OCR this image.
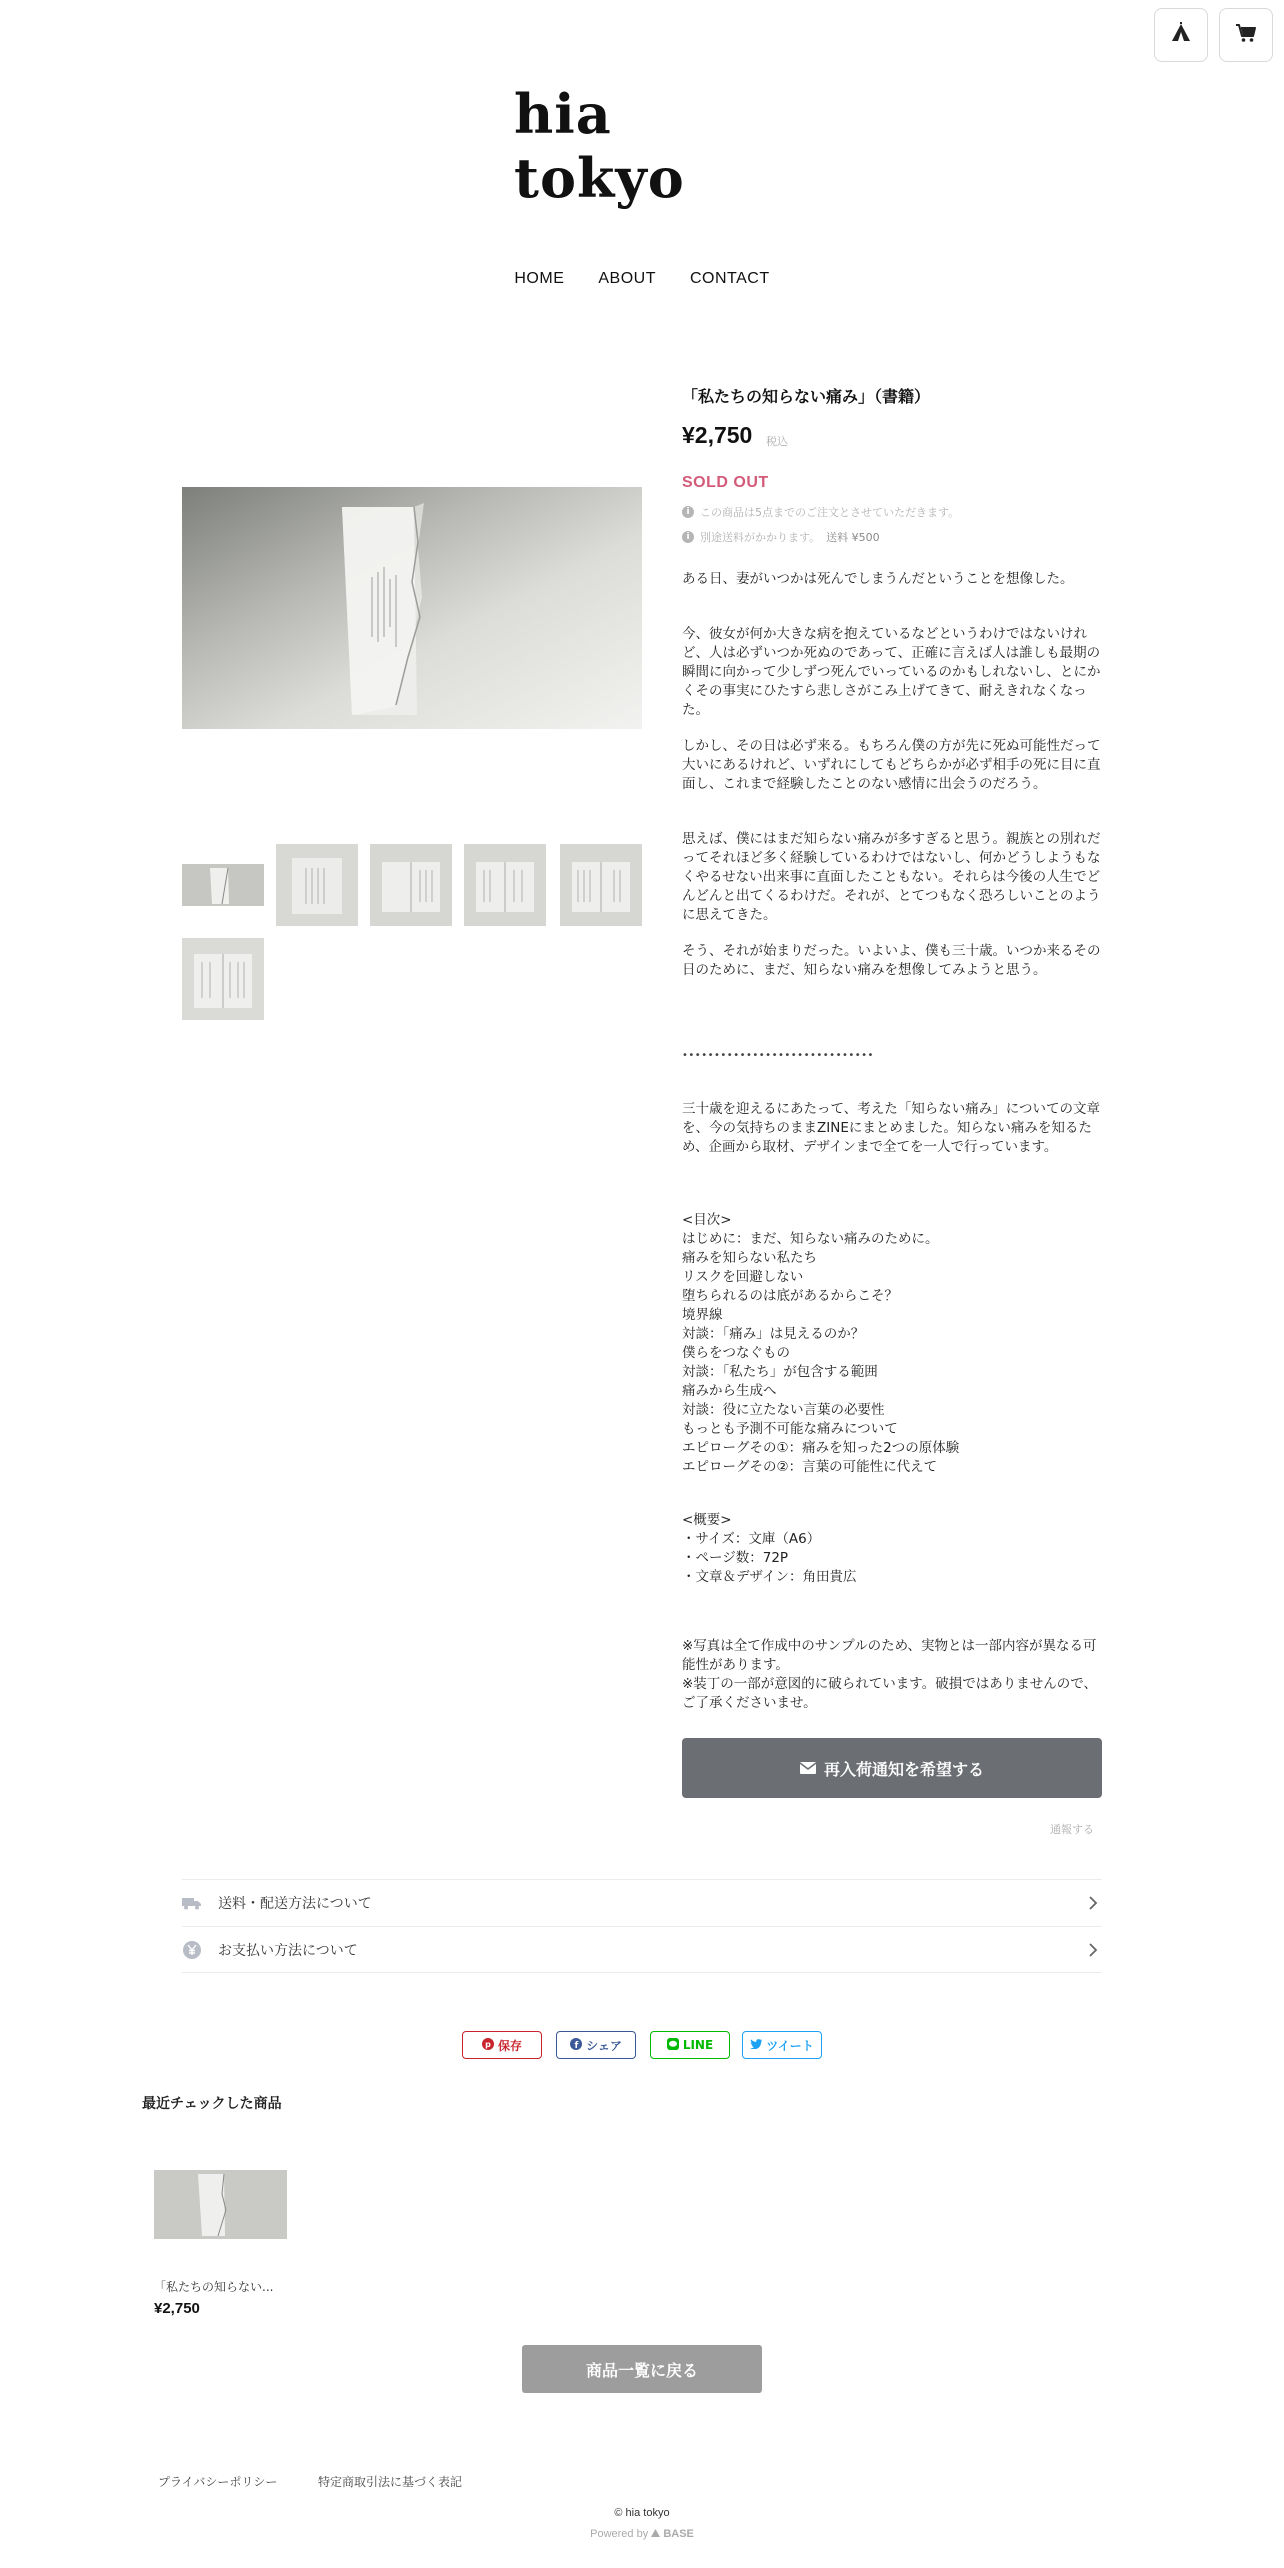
hia
tokyo
HOME ABOUT CONTACT
「私たちの知らない痛み」（書籍）
¥2,750 税込
SOLD OUT
i この商品は5点までのご注文とさせていただきます。
i 別途送料がかかります。 送料 ¥500
ある日、妻がいつかは死んでしまうんだということを想像した。
今、彼女が何か大きな病を抱えているなどというわけではないけれど、人は必ずいつか死ぬのであって、正確に言えば人は誰しも最期の瞬間に向かって少しずつ死んでいっているのかもしれないし、とにかくその事実にひたすら悲しさがこみ上げてきて、耐えきれなくなった。
しかし、その日は必ず来る。もちろん僕の方が先に死ぬ可能性だって大いにあるけれど、いずれにしてもどちらかが必ず相手の死に目に直面し、これまで経験したことのない感情に出会うのだろう。
思えば、僕にはまだ知らない痛みが多すぎると思う。親族との別れだってそれほど多く経験しているわけではないし、何かどうしようもなくやるせない出来事に直面したこともない。それらは今後の人生でどんどんと出てくるわけだ。それが、とてつもなく恐ろしいことのように思えてきた。
そう、それが始まりだった。いよいよ、僕も三十歳。いつか来るその日のために、まだ、知らない痛みを想像してみようと思う。
••••••••••••••••••••••••••••••
三十歳を迎えるにあたって、考えた「知らない痛み」についての文章を、今の気持ちのままZINEにまとめました。知らない痛みを知るため、企画から取材、デザインまで全てを一人で行っています。
<目次>
はじめに：まだ、知らない痛みのために。
痛みを知らない私たち
リスクを回避しない
堕ちられるのは底があるからこそ？
境界線
対談：「痛み」は見えるのか？
僕らをつなぐもの
対談：「私たち」が包含する範囲
痛みから生成へ
対談：役に立たない言葉の必要性
もっとも予測不可能な痛みについて
エピローグその①：痛みを知った2つの原体験
エピローグその②：言葉の可能性に代えて
<概要>
・サイズ：文庫（A6）
・ページ数：72P
・文章＆デザイン：角田貴広
※写真は全て作成中のサンプルのため、実物とは一部内容が異なる可能性があります。
※装丁の一部が意図的に破られています。破損ではありませんので、ご了承くださいませ。
再入荷通知を希望する
通報する
送料・配送方法について
お支払い方法について
p 保存	f シェア	LINE	ツイート
最近チェックした商品
「私たちの知らない...
¥2,750
商品一覧に戻る
プライバシーポリシー	特定商取引法に基づく表記
© hia tokyo
Powered by BASE
